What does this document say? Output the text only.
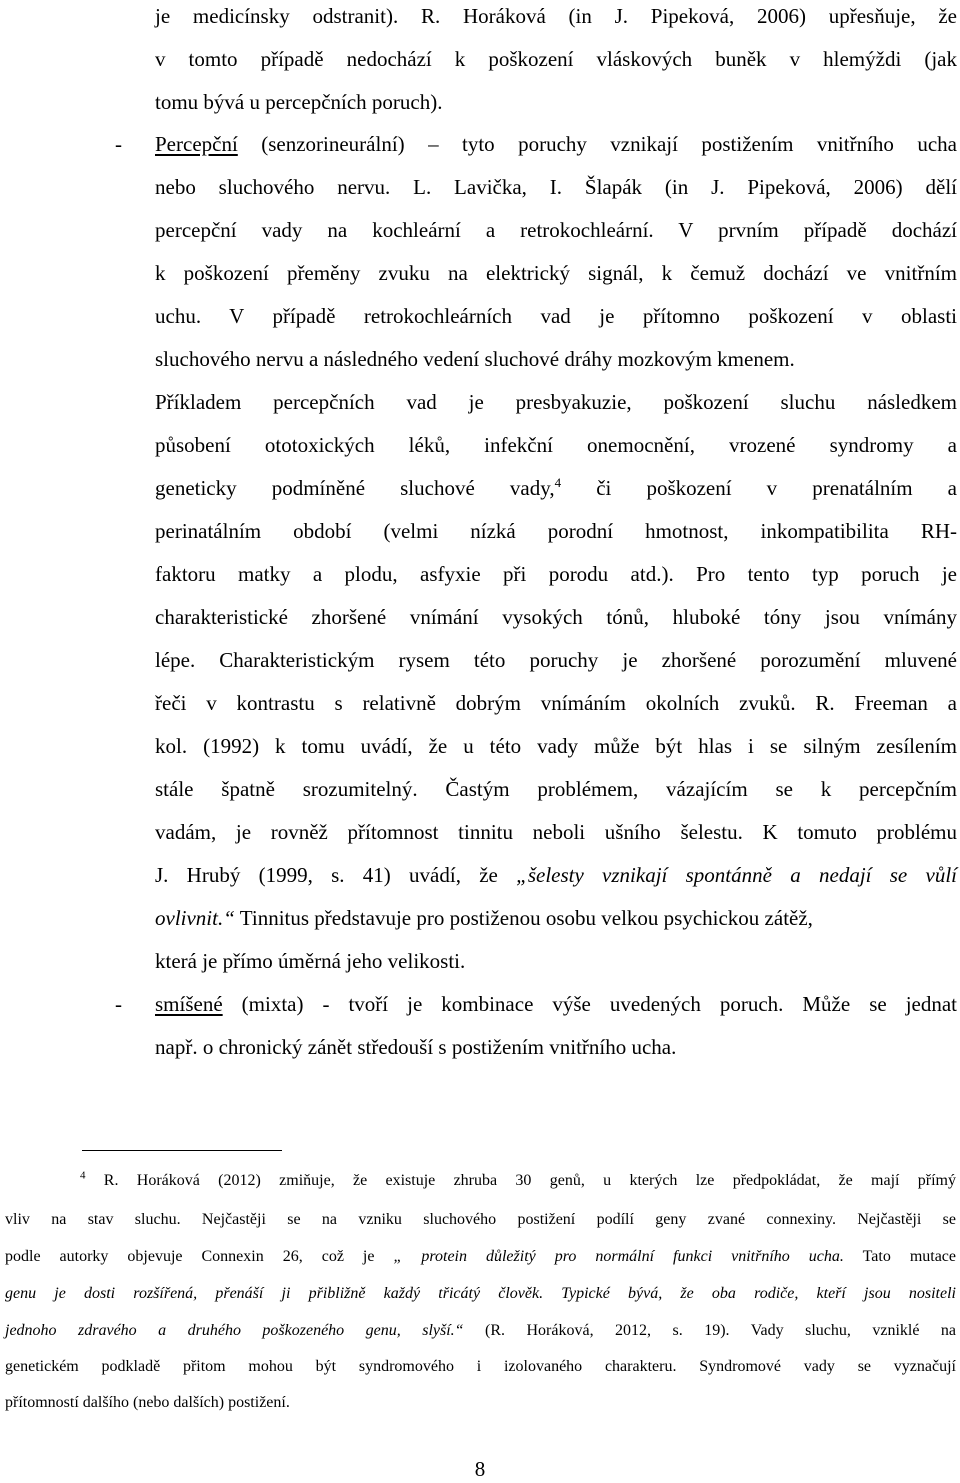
je medicínsky odstranit). R. Horáková (in J. Pipeková, 2006) upřesňuje, že
v tomto případě nedochází k poškození vláskových buněk v hlemýždi (jak
tomu bývá u percepčních poruch).
- Percepční (senzorineurální) – tyto poruchy vznikají postižením vnitřního ucha
nebo sluchového nervu. L. Lavička, I. Šlapák (in J. Pipeková, 2006) dělí
percepční vady na kochleární a retrokochleární. V prvním případě dochází
k poškození přeměny zvuku na elektrický signál, k čemuž dochází ve vnitřním
uchu. V případě retrokochleárních vad je přítomno poškození v oblasti
sluchového nervu a následného vedení sluchové dráhy mozkovým kmenem.
Příkladem percepčních vad je presbyakuzie, poškození sluchu následkem
působení ototoxických léků, infekční onemocnění, vrozené syndromy a
geneticky podmíněné sluchové vady,$^4$ či poškození v prenatálním a
perinatálním období (velmi nízká porodní hmotnost, inkompatibilita RH-
faktoru matky a plodu, asfyxie při porodu atd.). Pro tento typ poruch je
charakteristické zhoršené vnímání vysokých tónů, hluboké tóny jsou vnímány
lépe. Charakteristickým rysem této poruchy je zhoršené porozumění mluvené
řeči v kontrastu s relativně dobrým vnímáním okolních zvuků. R. Freeman a
kol. (1992) k tomu uvádí, že u této vady může být hlas i se silným zesílením
stále špatně srozumitelný. Častým problémem, vázajícím se k percepčním
vadám, je rovněž přítomnost tinnitu neboli ušního šelestu. K tomuto problému
J. Hrubý (1999, s. 41) uvádí, že „šelesty vznikají spontánně a nedají se vůlí
ovlivnit.“ Tinnitus představuje pro postiženou osobu velkou psychickou zátěž,
která je přímo úměrná jeho velikosti.
- smíšené (mixta) - tvoří je kombinace výše uvedených poruch. Může se jednat
např. o chronický zánět středouší s postižením vnitřního ucha.
$^4$ R. Horáková (2012) zmiňuje, že existuje zhruba 30 genů, u kterých lze předpokládat, že mají přímý
vliv na stav sluchu. Nejčastěji se na vzniku sluchového postižení podílí geny zvané connexiny. Nejčastěji se
podle autorky objevuje Connexin 26, což je „ protein důležitý pro normální funkci vnitřního ucha. Tato mutace
genu je dosti rozšířená, přenáší ji přibližně každý třicátý člověk. Typické bývá, že oba rodiče, kteří jsou nositeli
jednoho zdravého a druhého poškozeného genu, slyší.“ (R. Horáková, 2012, s. 19). Vady sluchu, vzniklé na
genetickém podkladě přitom mohou být syndromového i izolovaného charakteru. Syndromové vady se vyznačují
přítomností dalšího (nebo dalších) postižení.
8
